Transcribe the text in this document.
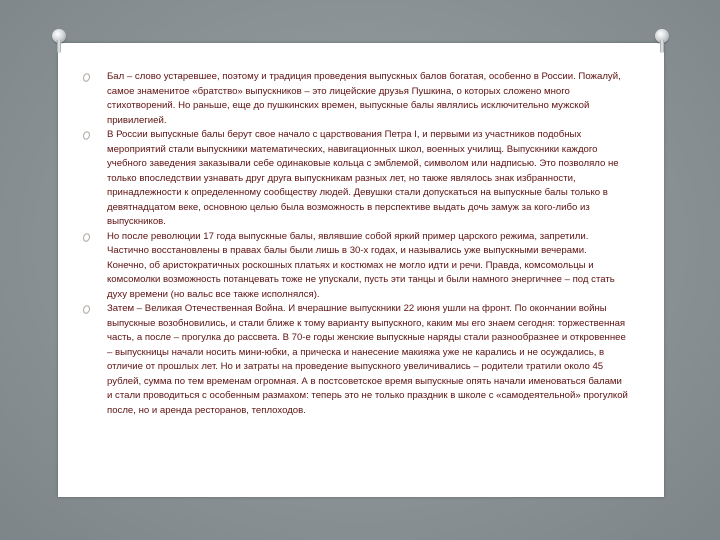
Бал – слово устаревшее, поэтому и традиция проведения выпускных балов богатая, особенно в России. Пожалуй, самое знаменитое «братство» выпускников – это лицейские друзья Пушкина, о которых сложено много стихотворений. Но раньше, еще до пушкинских времен, выпускные балы являлись исключительно мужской привилегией.
В России выпускные балы берут свое начало с царствования Петра I, и первыми из участников подобных мероприятий стали выпускники математических, навигационных школ, военных училищ. Выпускники каждого учебного заведения заказывали себе одинаковые кольца с эмблемой, символом или надписью. Это позволяло не только впоследствии узнавать друг друга выпускникам разных лет, но также являлось знак избранности, принадлежности к определенному сообществу людей. Девушки стали допускаться на выпускные балы только в девятнадцатом веке, основною целью была возможность в перспективе выдать дочь замуж за кого-либо из выпускников.
Но после революции 17 года выпускные балы, являвшие собой яркий пример царского режима, запретили. Частично восстановлены в правах балы были лишь в 30-х годах, и назывались уже выпускными вечерами. Конечно, об аристократичных роскошных платьях и костюмах не могло идти и речи. Правда, комсомольцы и комсомолки возможность потанцевать тоже не упускали, пусть эти танцы и были намного энергичнее – под стать духу времени (но вальс все также исполнялся).
Затем – Великая Отечественная Война. И вчерашние выпускники 22 июня ушли на фронт. По окончании войны выпускные возобновились, и стали ближе к тому варианту выпускного, каким мы его знаем сегодня: торжественная часть, а после – прогулка до рассвета. В 70-е годы женские выпускные наряды стали разнообразнее и откровеннее – выпускницы начали носить мини-юбки, а прическа и нанесение макияжа уже не карались и не осуждались, в отличие от прошлых лет. Но и затраты на проведение выпускного увеличивались – родители тратили около 45 рублей, сумма по тем временам огромная. А в постсоветское время выпускные опять начали именоваться балами и стали проводиться с особенным размахом: теперь это не только праздник в школе с «самодеятельной» прогулкой после, но и аренда ресторанов, теплоходов.
